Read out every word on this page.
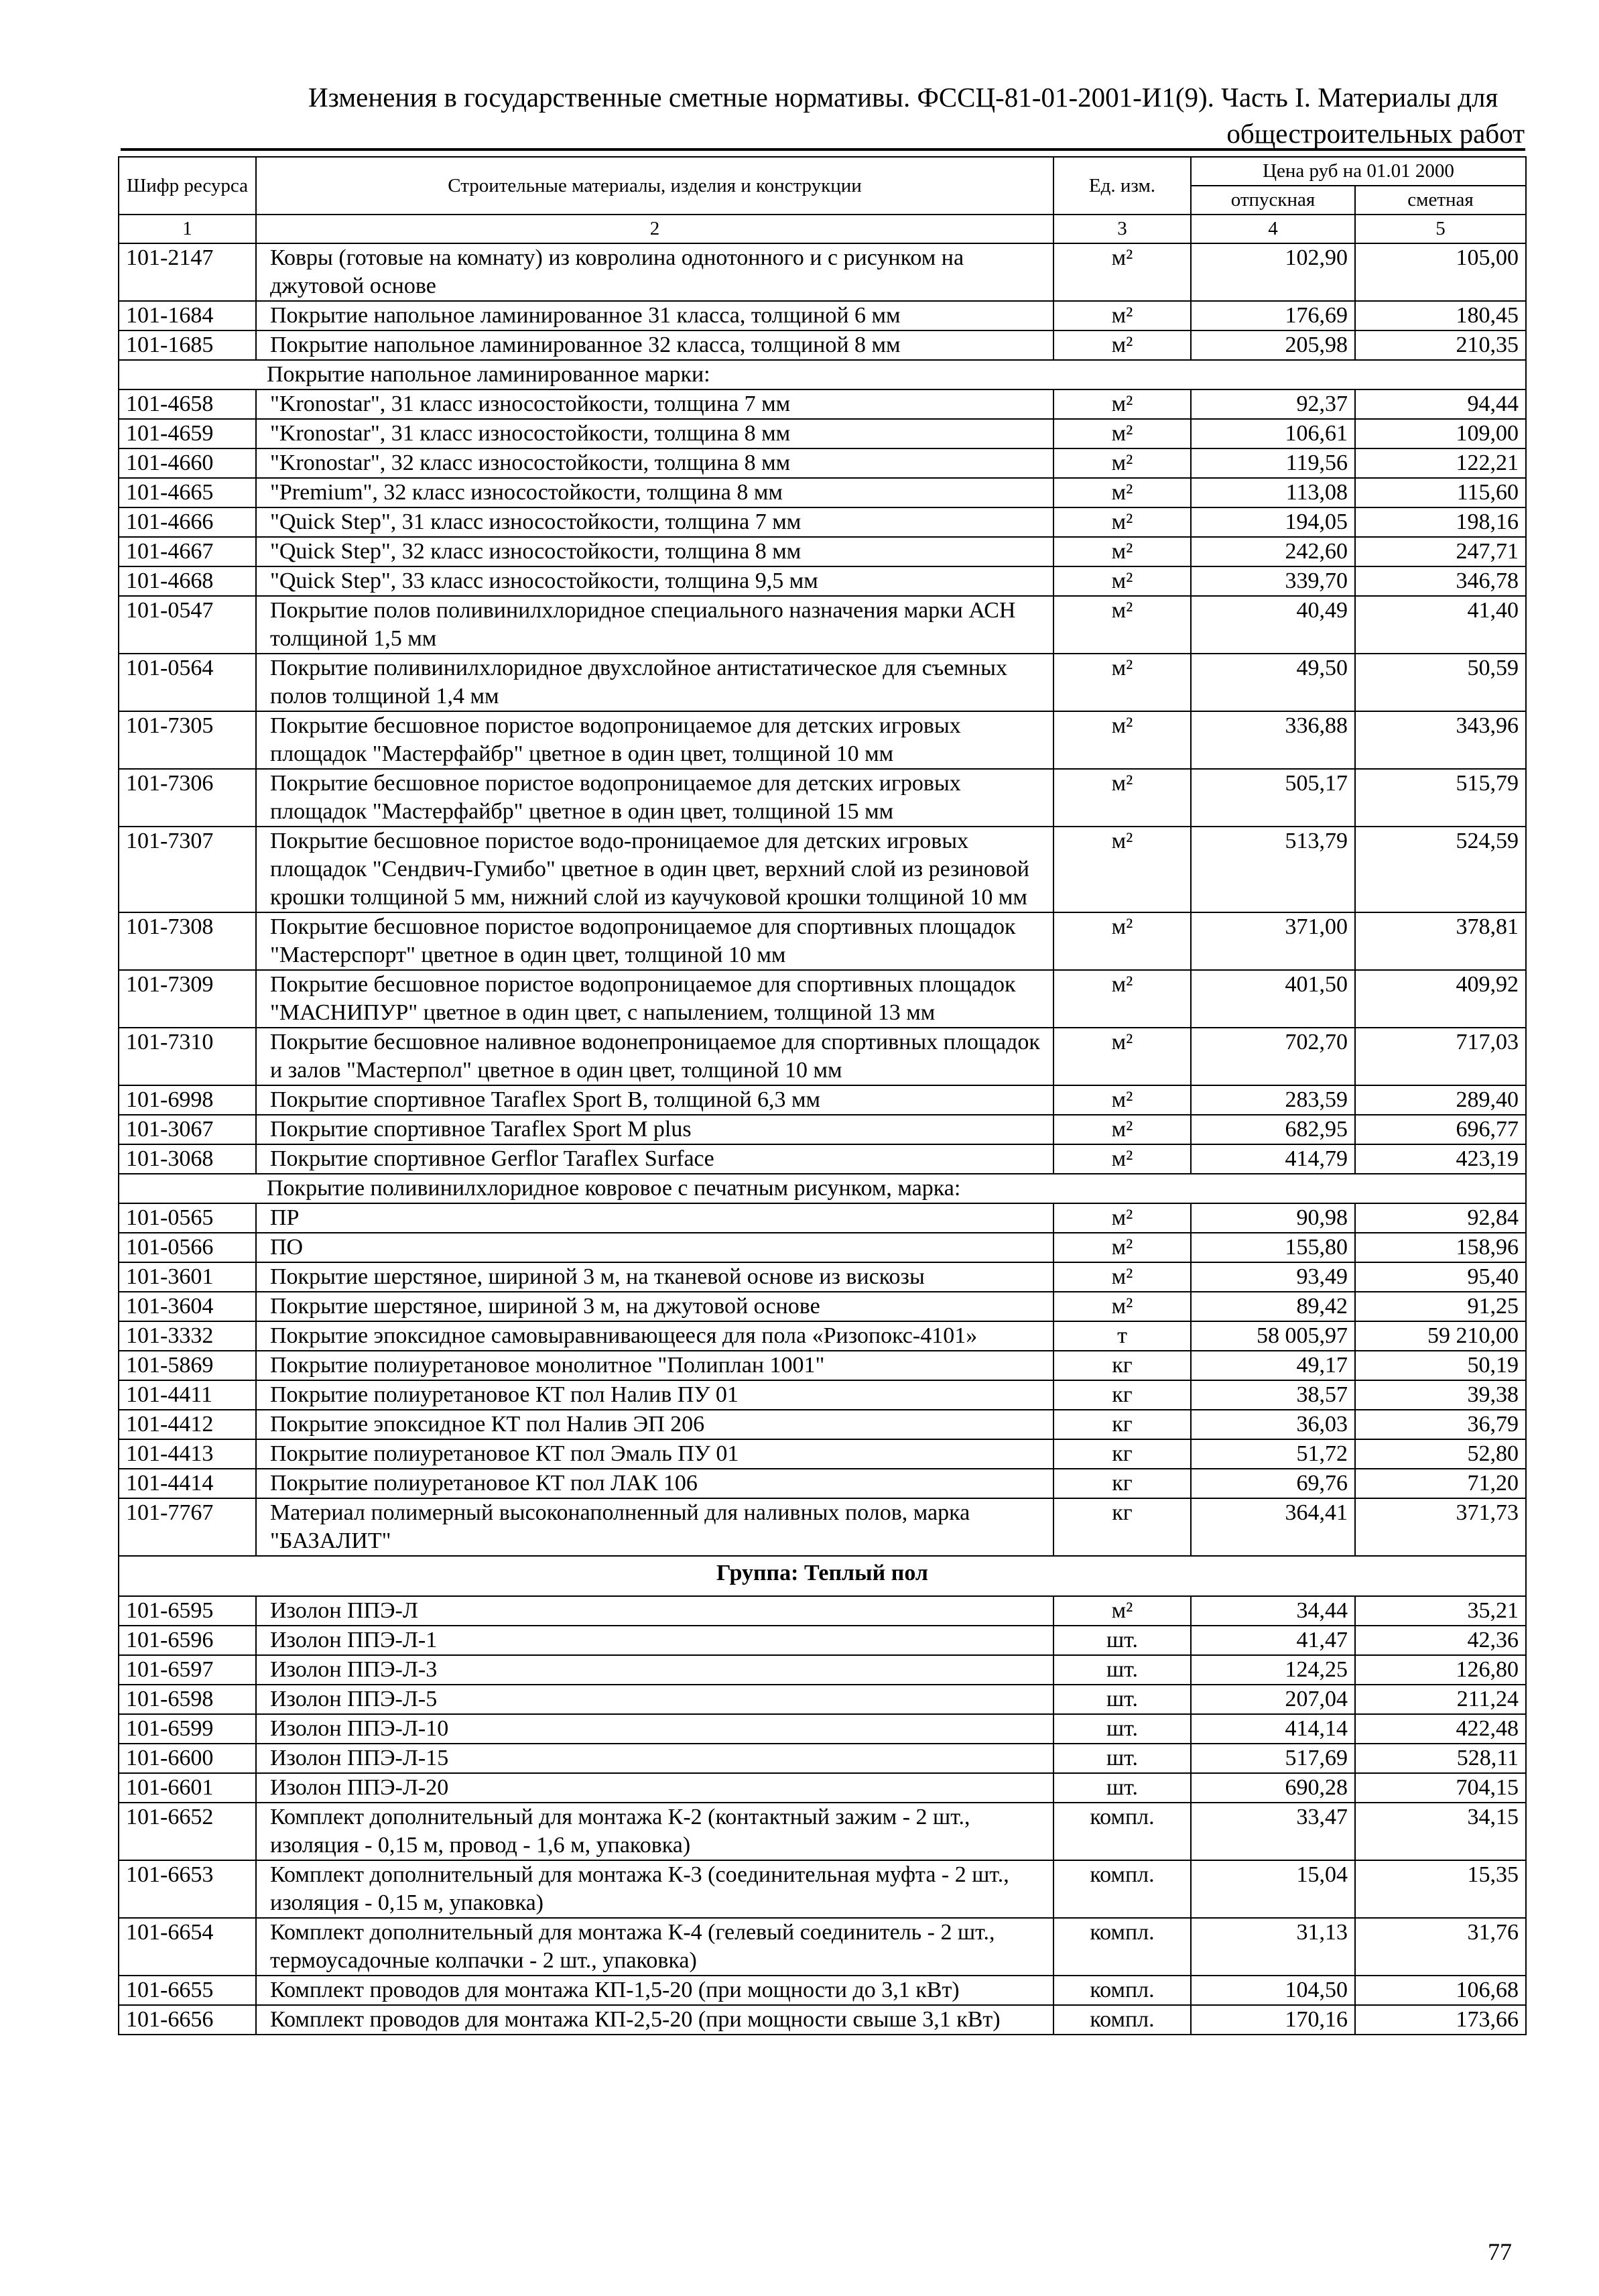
Изменения в государственные сметные нормативы. ФССЦ-81-01-2001-И1(9). Часть I. Материалы для
общестроительных работ
Шифр ресурса	Строительные материалы, изделия и конструкции	Ед. изм.	Цена руб на 01.01 2000	
			отпускная	сметная
1	2	3	4	5
101-2147	Ковры (готовые на комнату) из ковролина однотонного и с рисунком на джутовой основе	м²	102,90	105,00
101-1684	Покрытие напольное ламинированное 31 класса, толщиной 6 мм	м²	176,69	180,45
101-1685	Покрытие напольное ламинированное 32 класса, толщиной 8 мм	м²	205,98	210,35
Покрытие напольное ламинированное марки:				
101-4658	"Kronostar", 31 класс износостойкости, толщина 7 мм	м²	92,37	94,44
101-4659	"Kronostar", 31 класс износостойкости, толщина 8 мм	м²	106,61	109,00
101-4660	"Kronostar", 32 класс износостойкости, толщина 8 мм	м²	119,56	122,21
101-4665	"Premium", 32 класс износостойкости, толщина 8 мм	м²	113,08	115,60
101-4666	"Quick Step", 31 класс износостойкости, толщина 7 мм	м²	194,05	198,16
101-4667	"Quick Step", 32 класс износостойкости, толщина 8 мм	м²	242,60	247,71
101-4668	"Quick Step", 33 класс износостойкости, толщина 9,5 мм	м²	339,70	346,78
101-0547	Покрытие полов поливинилхлоридное специального назначения марки АСН толщиной 1,5 мм	м²	40,49	41,40
101-0564	Покрытие поливинилхлоридное двухслойное антистатическое для съемных полов толщиной 1,4 мм	м²	49,50	50,59
101-7305	Покрытие бесшовное пористое водопроницаемое для детских игровых площадок "Мастерфайбр" цветное в один цвет, толщиной 10 мм	м²	336,88	343,96
101-7306	Покрытие бесшовное пористое водопроницаемое для детских игровых площадок "Мастерфайбр" цветное в один цвет, толщиной 15 мм	м²	505,17	515,79
101-7307	Покрытие бесшовное пористое водо-проницаемое для детских игровых площадок "Сендвич-Гумибо" цветное в один цвет, верхний слой из резиновой крошки толщиной 5 мм, нижний слой из каучуковой крошки толщиной 10 мм	м²	513,79	524,59
101-7308	Покрытие бесшовное пористое водопроницаемое для спортивных площадок "Мастерспорт" цветное в один цвет, толщиной 10 мм	м²	371,00	378,81
101-7309	Покрытие бесшовное пористое водопроницаемое для спортивных площадок "МАСНИПУР" цветное в один цвет, с напылением, толщиной 13 мм	м²	401,50	409,92
101-7310	Покрытие бесшовное наливное водонепроницаемое для спортивных площадок и залов "Мастерпол" цветное в один цвет, толщиной 10 мм	м²	702,70	717,03
101-6998	Покрытие спортивное Taraflex Sport B, толщиной 6,3 мм	м²	283,59	289,40
101-3067	Покрытие спортивное Taraflex Sport M plus	м²	682,95	696,77
101-3068	Покрытие спортивное Gerflor Taraflex Surface	м²	414,79	423,19
Покрытие поливинилхлоридное ковровое с печатным рисунком, марка:				
101-0565	ПР	м²	90,98	92,84
101-0566	ПО	м²	155,80	158,96
101-3601	Покрытие шерстяное, шириной 3 м, на тканевой основе из вискозы	м²	93,49	95,40
101-3604	Покрытие шерстяное, шириной 3 м, на джутовой основе	м²	89,42	91,25
101-3332	Покрытие эпоксидное самовыравнивающееся для пола «Ризопокс-4101»	т	58 005,97	59 210,00
101-5869	Покрытие полиуретановое монолитное "Полиплан 1001"	кг	49,17	50,19
101-4411	Покрытие полиуретановое КТ пол Налив ПУ 01	кг	38,57	39,38
101-4412	Покрытие эпоксидное КТ пол Налив ЭП 206	кг	36,03	36,79
101-4413	Покрытие полиуретановое КТ пол Эмаль ПУ 01	кг	51,72	52,80
101-4414	Покрытие полиуретановое КТ пол ЛАК 106	кг	69,76	71,20
101-7767	Материал полимерный высоконаполненный для наливных полов, марка "БАЗАЛИТ"	кг	364,41	371,73
Группа: Теплый пол				
101-6595	Изолон ППЭ-Л	м²	34,44	35,21
101-6596	Изолон ППЭ-Л-1	шт.	41,47	42,36
101-6597	Изолон ППЭ-Л-3	шт.	124,25	126,80
101-6598	Изолон ППЭ-Л-5	шт.	207,04	211,24
101-6599	Изолон ППЭ-Л-10	шт.	414,14	422,48
101-6600	Изолон ППЭ-Л-15	шт.	517,69	528,11
101-6601	Изолон ППЭ-Л-20	шт.	690,28	704,15
101-6652	Комплект дополнительный для монтажа К-2 (контактный зажим - 2 шт., изоляция - 0,15 м, провод - 1,6 м, упаковка)	компл.	33,47	34,15
101-6653	Комплект дополнительный для монтажа К-3 (соединительная муфта - 2 шт., изоляция - 0,15 м, упаковка)	компл.	15,04	15,35
101-6654	Комплект дополнительный для монтажа К-4 (гелевый соединитель - 2 шт., термоусадочные колпачки - 2 шт., упаковка)	компл.	31,13	31,76
101-6655	Комплект проводов для монтажа КП-1,5-20 (при мощности до 3,1 кВт)	компл.	104,50	106,68
101-6656	Комплект проводов для монтажа КП-2,5-20 (при мощности свыше 3,1 кВт)	компл.	170,16	173,66
77
